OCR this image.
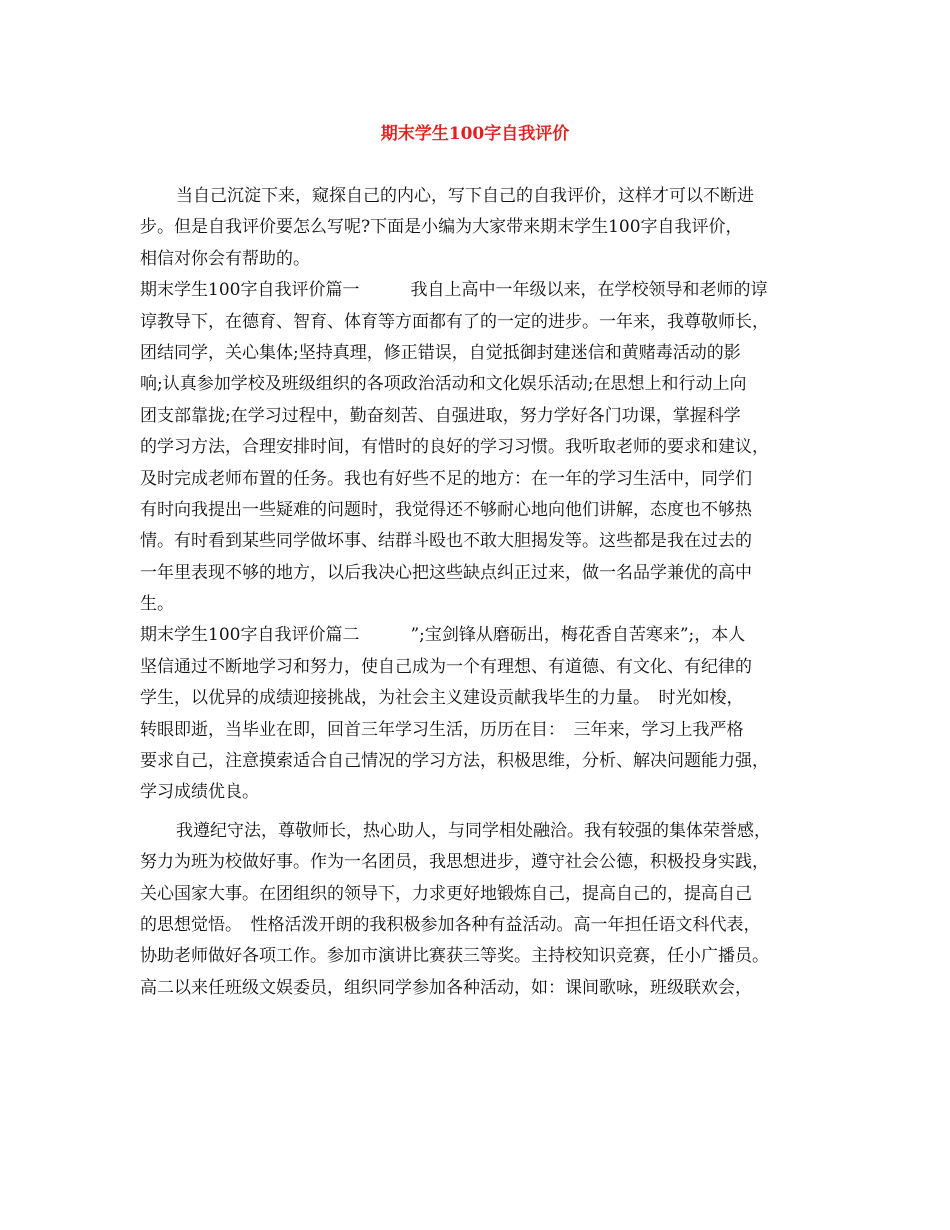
期末学生100字自我评价
当自己沉淀下来，窥探自己的内心，写下自己的自我评价，这样才可以不断进
步。但是自我评价要怎么写呢?下面是小编为大家带来期末学生100字自我评价，
相信对你会有帮助的。
期末学生100字自我评价篇一　　　我自上高中一年级以来，在学校领导和老师的谆
谆教导下，在德育、智育、体育等方面都有了的一定的进步。一年来，我尊敬师长，
团结同学，关心集体;坚持真理，修正错误，自觉抵御封建迷信和黄赌毒活动的影
响;认真参加学校及班级组织的各项政治活动和文化娱乐活动;在思想上和行动上向
团支部靠拢;在学习过程中，勤奋刻苦、自强进取，努力学好各门功课，掌握科学
的学习方法，合理安排时间，有惜时的良好的学习习惯。我听取老师的要求和建议，
及时完成老师布置的任务。我也有好些不足的地方：在一年的学习生活中，同学们
有时向我提出一些疑难的问题时，我觉得还不够耐心地向他们讲解，态度也不够热
情。有时看到某些同学做坏事、结群斗殴也不敢大胆揭发等。这些都是我在过去的
一年里表现不够的地方，以后我决心把这些缺点纠正过来，做一名品学兼优的高中
生。
期末学生100字自我评价篇二　　　”;宝剑锋从磨砺出，梅花香自苦寒来”;，本人
坚信通过不断地学习和努力，使自己成为一个有理想、有道德、有文化、有纪律的
学生，以优异的成绩迎接挑战，为社会主义建设贡献我毕生的力量。　时光如梭，
转眼即逝，当毕业在即，回首三年学习生活，历历在目：　三年来，学习上我严格
要求自己，注意摸索适合自己情况的学习方法，积极思维，分析、解决问题能力强，
学习成绩优良。
我遵纪守法，尊敬师长，热心助人，与同学相处融洽。我有较强的集体荣誉感，
努力为班为校做好事。作为一名团员，我思想进步，遵守社会公德，积极投身实践，
关心国家大事。在团组织的领导下，力求更好地锻炼自己，提高自己的，提高自己
的思想觉悟。　性格活泼开朗的我积极参加各种有益活动。高一年担任语文科代表，
协助老师做好各项工作。参加市演讲比赛获三等奖。主持校知识竞赛，任小广播员。
高二以来任班级文娱委员，组织同学参加各种活动，如：课间歌咏，班级联欢会，
